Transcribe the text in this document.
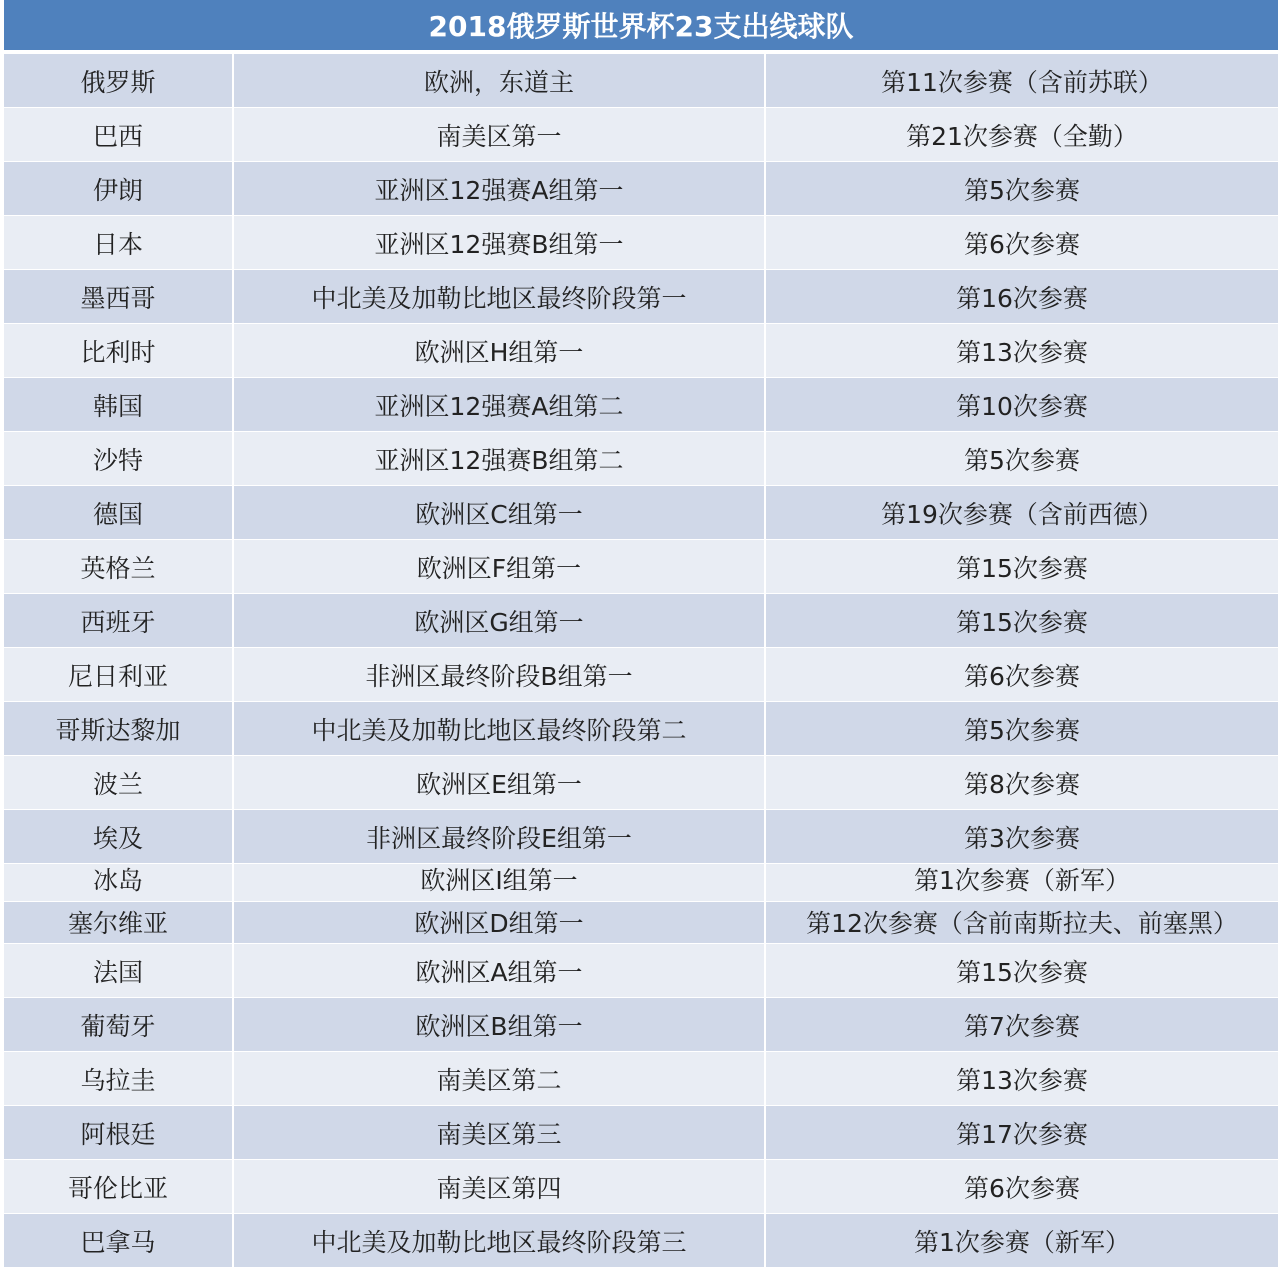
2018俄罗斯世界杯23支出线球队
俄罗斯	欧洲，东道主	第11次参赛（含前苏联）
巴西	南美区第一	第21次参赛（全勤）
伊朗	亚洲区12强赛A组第一	第5次参赛
日本	亚洲区12强赛B组第一	第6次参赛
墨西哥	中北美及加勒比地区最终阶段第一	第16次参赛
比利时	欧洲区H组第一	第13次参赛
韩国	亚洲区12强赛A组第二	第10次参赛
沙特	亚洲区12强赛B组第二	第5次参赛
德国	欧洲区C组第一	第19次参赛（含前西德）
英格兰	欧洲区F组第一	第15次参赛
西班牙	欧洲区G组第一	第15次参赛
尼日利亚	非洲区最终阶段B组第一	第6次参赛
哥斯达黎加	中北美及加勒比地区最终阶段第二	第5次参赛
波兰	欧洲区E组第一	第8次参赛
埃及	非洲区最终阶段E组第一	第3次参赛
冰岛	欧洲区I组第一	第1次参赛（新军）
塞尔维亚	欧洲区D组第一	第12次参赛（含前南斯拉夫、前塞黑）
法国	欧洲区A组第一	第15次参赛
葡萄牙	欧洲区B组第一	第7次参赛
乌拉圭	南美区第二	第13次参赛
阿根廷	南美区第三	第17次参赛
哥伦比亚	南美区第四	第6次参赛
巴拿马	中北美及加勒比地区最终阶段第三	第1次参赛（新军）
